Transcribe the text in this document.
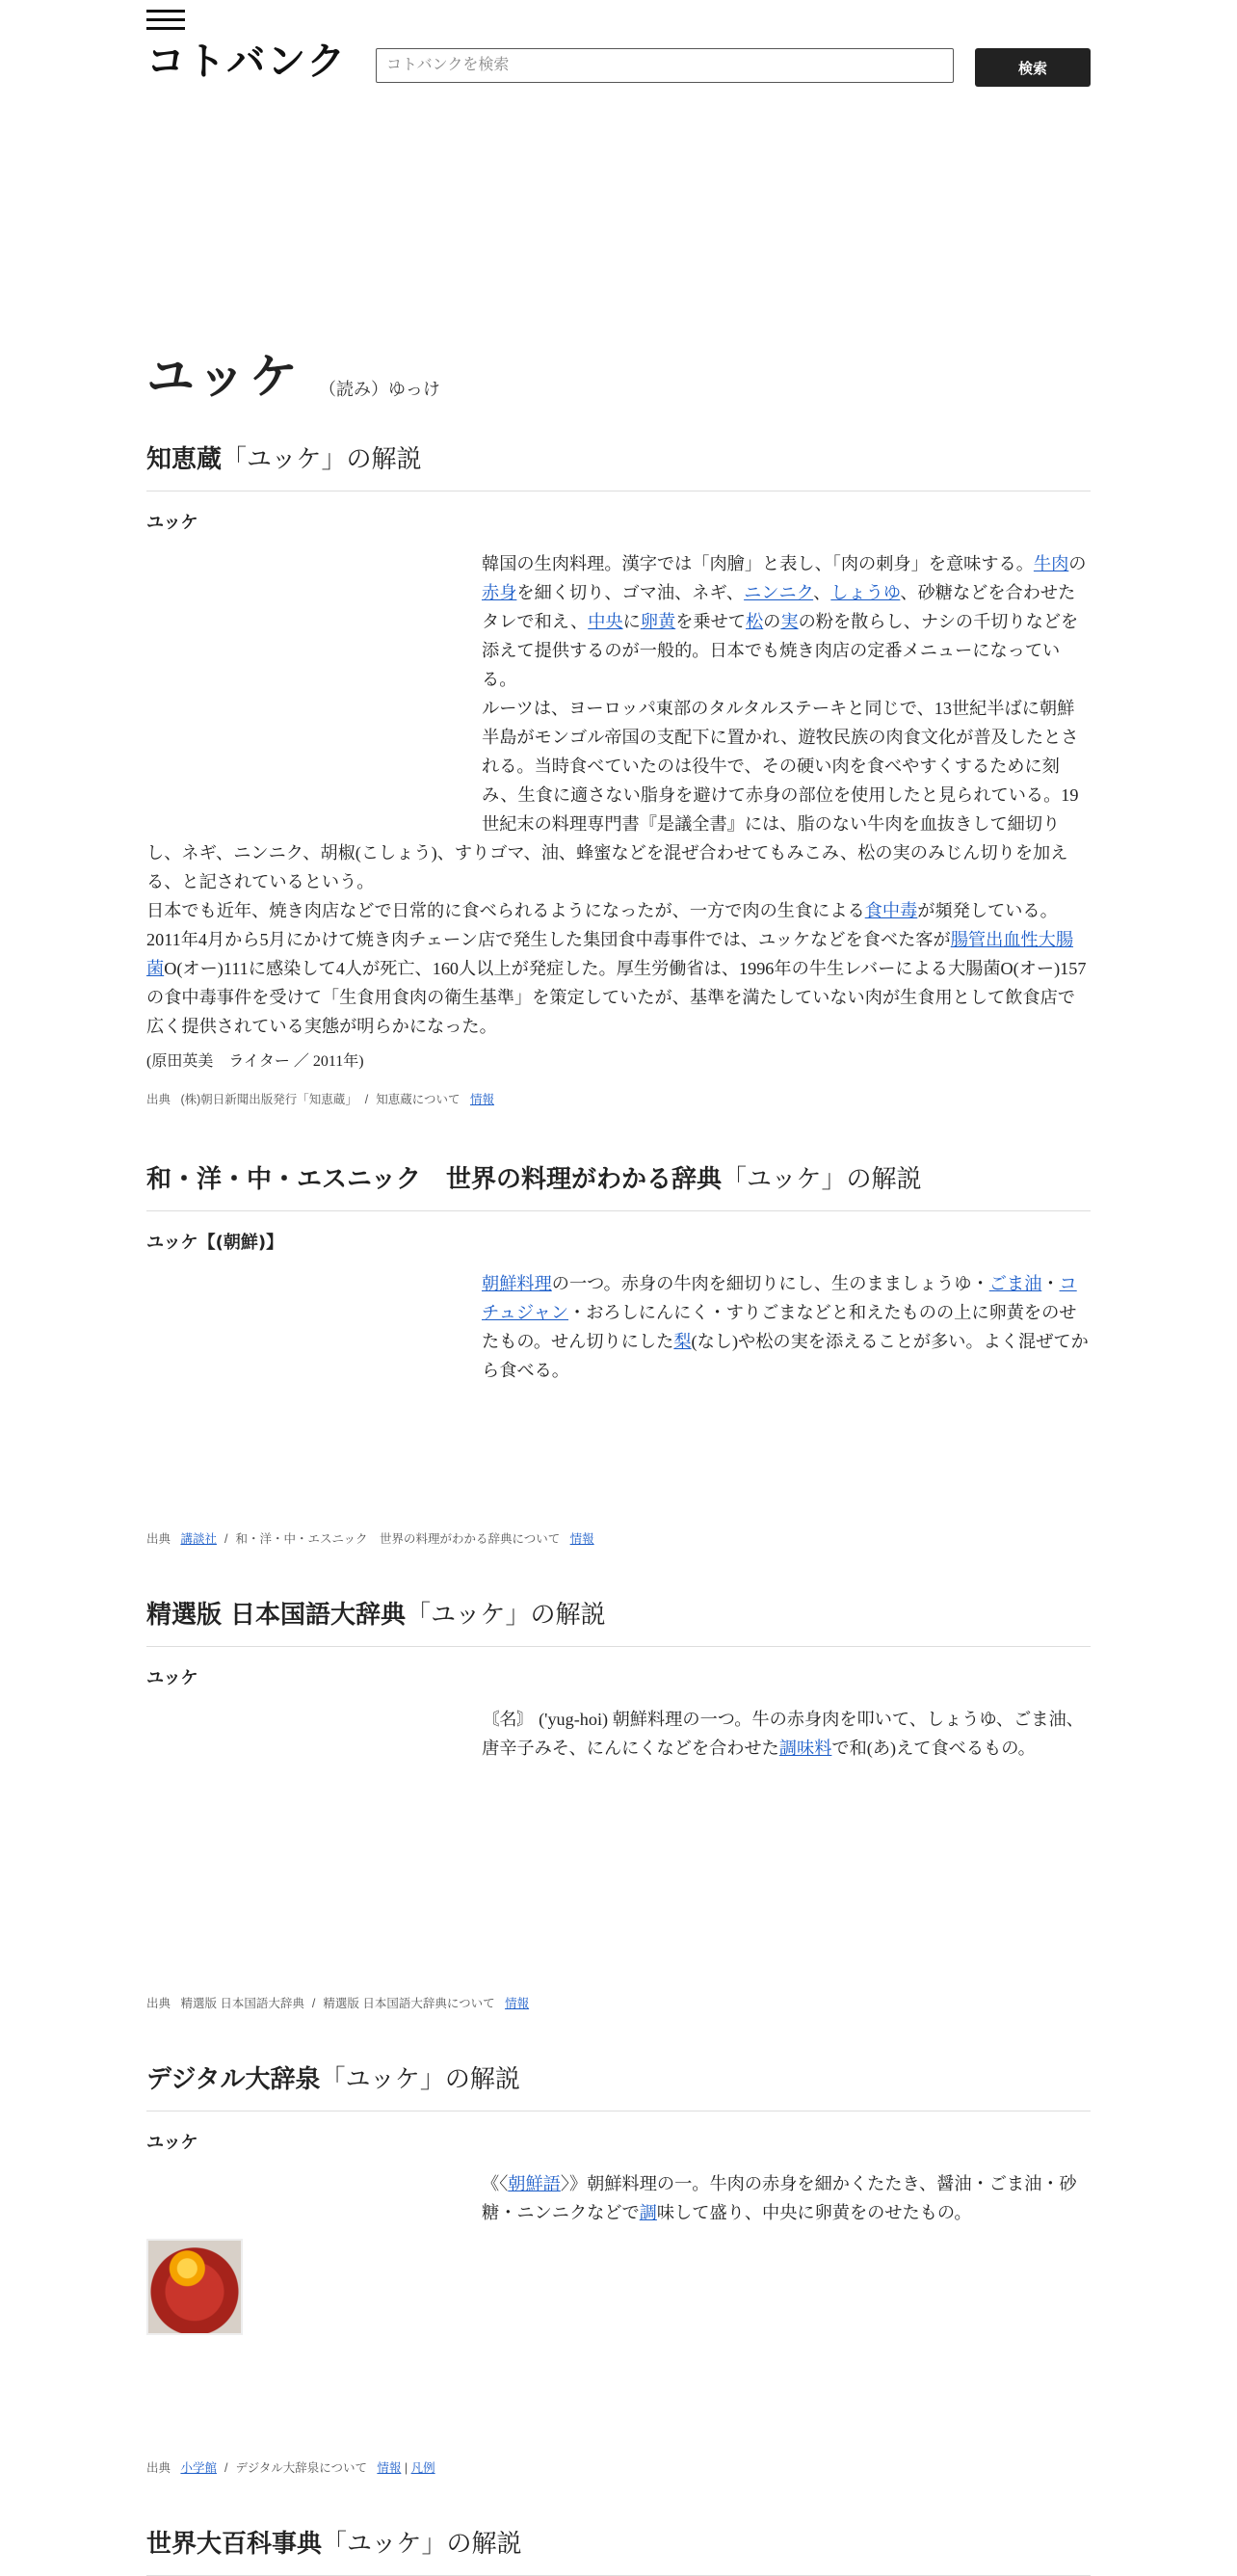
コトバンク
コトバンクを検索	検索
ユッケ （読み）ゆっけ
知恵蔵「ユッケ」の解説
ユッケ

韓国の生肉料理。漢字では「肉膾」と表し、「肉の刺身」を意味する。牛肉の赤身を細く切り、ゴマ油、ネギ、ニンニク、しょうゆ、砂糖などを合わせたタレで和え、中央に卵黄を乗せて松の実の粉を散らし、ナシの千切りなどを添えて提供するのが一般的。日本でも焼き肉店の定番メニューになっている。

ルーツは、ヨーロッパ東部のタルタルステーキと同じで、13世紀半ばに朝鮮半島がモンゴル帝国の支配下に置かれ、遊牧民族の肉食文化が普及したとされる。当時食べていたのは役牛で、その硬い肉を食べやすくするために刻み、生食に適さない脂身を避けて赤身の部位を使用したと見られている。19世紀末の料理専門書『是議全書』には、脂のない牛肉を血抜きして細切りし、ネギ、ニンニク、胡椒(こしょう)、すりゴマ、油、蜂蜜などを混ぜ合わせてもみこみ、松の実のみじん切りを加える、と記されているという。

日本でも近年、焼き肉店などで日常的に食べられるようになったが、一方で肉の生食による食中毒が頻発している。2011年4月から5月にかけて焼き肉チェーン店で発生した集団食中毒事件では、ユッケなどを食べた客が腸管出血性大腸菌O(オー)111に感染して4人が死亡、160人以上が発症した。厚生労働省は、1996年の牛生レバーによる大腸菌O(オー)157の食中毒事件を受けて「生食用食肉の衛生基準」を策定していたが、基準を満たしていない肉が生食用として飲食店で広く提供されている実態が明らかになった。

(原田英美　ライター ／ 2011年)
出典 (株)朝日新聞出版発行「知恵蔵」 / 知恵蔵について 情報
和・洋・中・エスニック　世界の料理がわかる辞典「ユッケ」の解説
ユッケ【(朝鮮)】

朝鮮料理の一つ。赤身の牛肉を細切りにし、生のまましょうゆ・ごま油・コチュジャン・おろしにんにく・すりごまなどと和えたものの上に卵黄をのせたもの。せん切りにした梨(なし)や松の実を添えることが多い。よく混ぜてから食べる。

出典 講談社 / 和・洋・中・エスニック　世界の料理がわかる辞典について 情報
精選版 日本国語大辞典「ユッケ」の解説
ユッケ

〘名〙 ('yug-hoi) 朝鮮料理の一つ。牛の赤身肉を叩いて、しょうゆ、ごま油、唐辛子みそ、にんにくなどを合わせた調味料で和(あ)えて食べるもの。

出典 精選版 日本国語大辞典 / 精選版 日本国語大辞典について 情報
デジタル大辞泉「ユッケ」の解説
ユッケ

《〈朝鮮語〉》朝鮮料理の一。牛肉の赤身を細かくたたき、醤油・ごま油・砂糖・ニンニクなどで調味して盛り、中央に卵黄をのせたもの。

出典 小学館 / デジタル大辞泉について 情報 | 凡例
世界大百科事典「ユッケ」の解説
